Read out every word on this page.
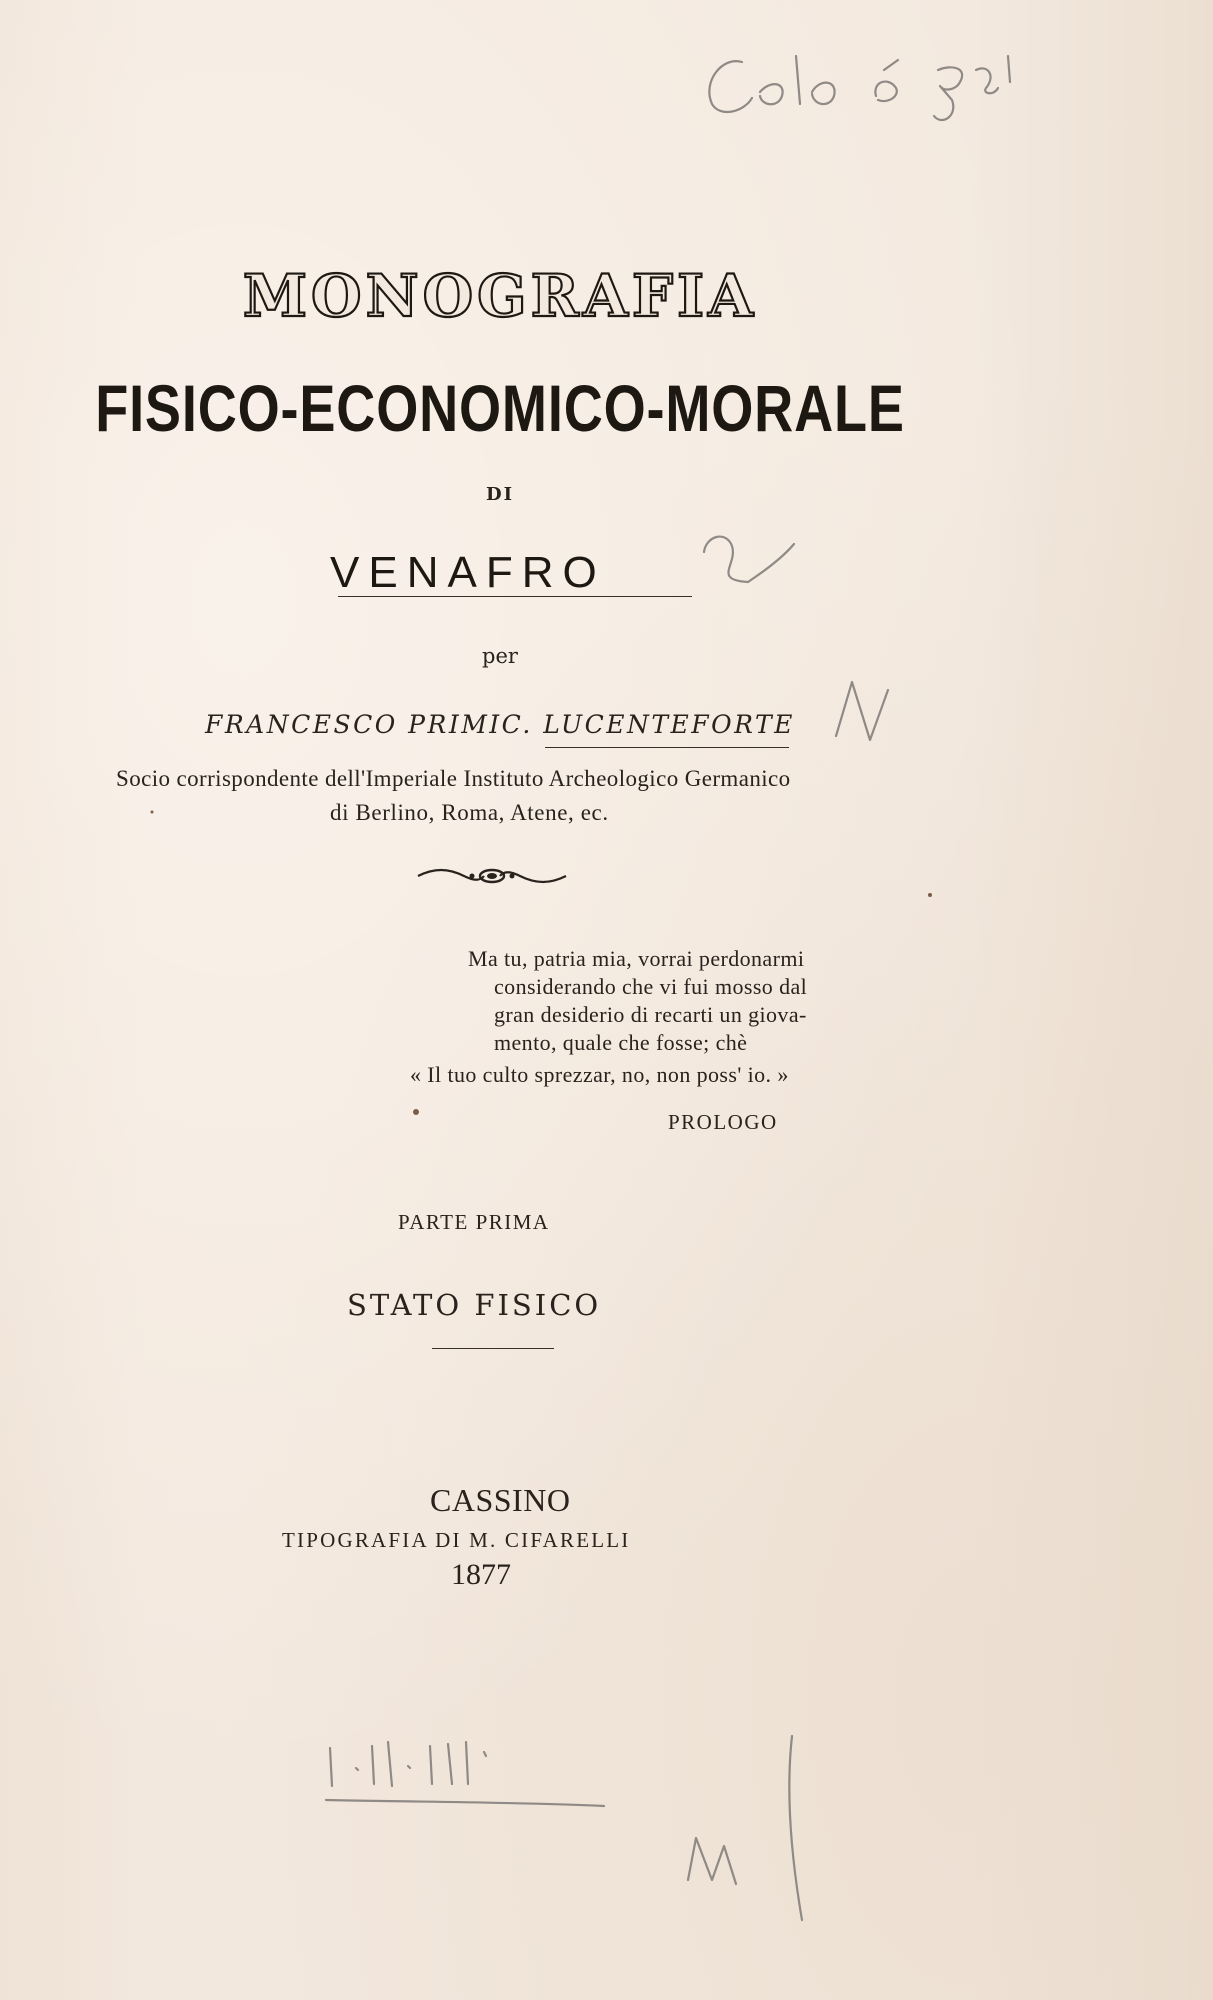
MONOGRAFIA
FISICO-ECONOMICO-MORALE
DI
VENAFRO
per
FRANCESCO PRIMIC. LUCENTEFORTE
Socio corrispondente dell'Imperiale Instituto Archeologico Germanico
di Berlino, Roma, Atene, ec.
Ma tu, patria mia, vorrai perdonarmi
considerando che vi fui mosso dal
gran desiderio di recarti un giova-
mento, quale che fosse; chè
« Il tuo culto sprezzar, no, non poss' io. »
PROLOGO
PARTE PRIMA
STATO FISICO
CASSINO
TIPOGRAFIA DI M. CIFARELLI
1877
